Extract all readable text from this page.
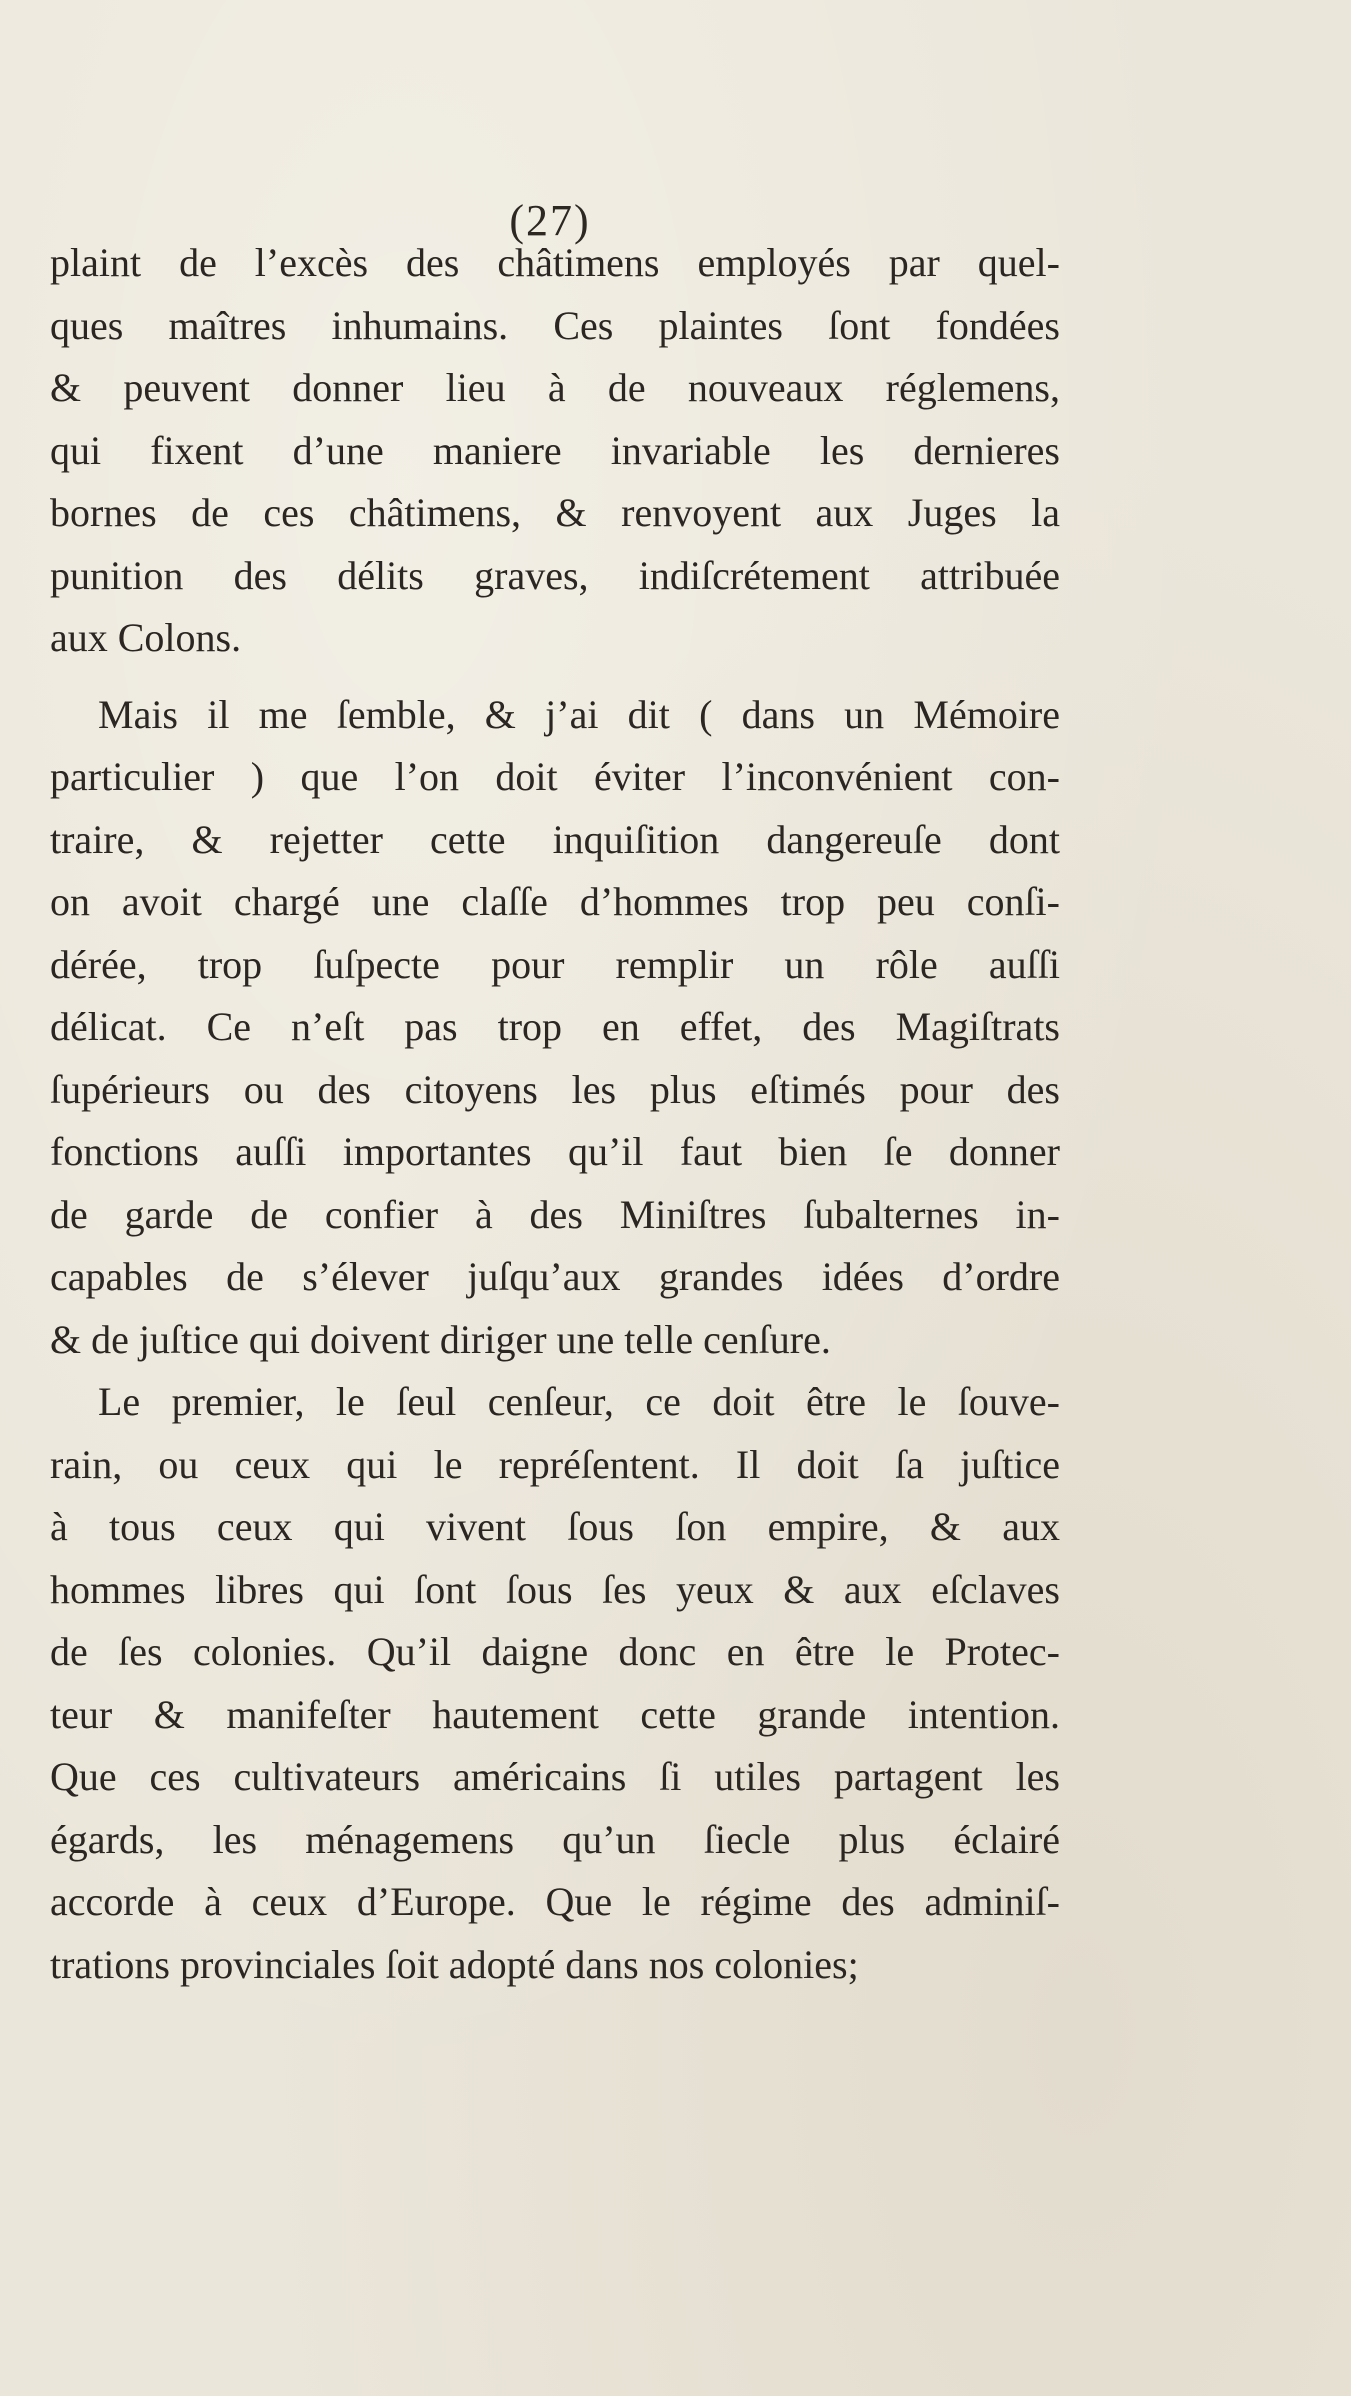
(27)
plaint de l’excès des châtimens employés par quel-
ques maîtres inhumains. Ces plaintes ſont fondées
& peuvent donner lieu à de nouveaux réglemens,
qui fixent d’une maniere invariable les dernieres
bornes de ces châtimens, & renvoyent aux Juges la
punition des délits graves, indiſcrétement attribuée
aux Colons.
Mais il me ſemble, & j’ai dit ( dans un Mémoire
particulier ) que l’on doit éviter l’inconvénient con-
traire, & rejetter cette inquiſition dangereuſe dont
on avoit chargé une claſſe d’hommes trop peu conſi-
dérée, trop ſuſpecte pour remplir un rôle auſſi
délicat. Ce n’eſt pas trop en effet, des Magiſtrats
ſupérieurs ou des citoyens les plus eſtimés pour des
fonctions auſſi importantes qu’il faut bien ſe donner
de garde de confier à des Miniſtres ſubalternes in-
capables de s’élever juſqu’aux grandes idées d’ordre
& de juſtice qui doivent diriger une telle cenſure.
Le premier, le ſeul cenſeur, ce doit être le ſouve-
rain, ou ceux qui le repréſentent. Il doit ſa juſtice
à tous ceux qui vivent ſous ſon empire, & aux
hommes libres qui ſont ſous ſes yeux & aux eſclaves
de ſes colonies. Qu’il daigne donc en être le Protec-
teur & manifeſter hautement cette grande intention.
Que ces cultivateurs américains ſi utiles partagent les
égards, les ménagemens qu’un ſiecle plus éclairé
accorde à ceux d’Europe. Que le régime des adminiſ-
trations provinciales ſoit adopté dans nos colonies;
